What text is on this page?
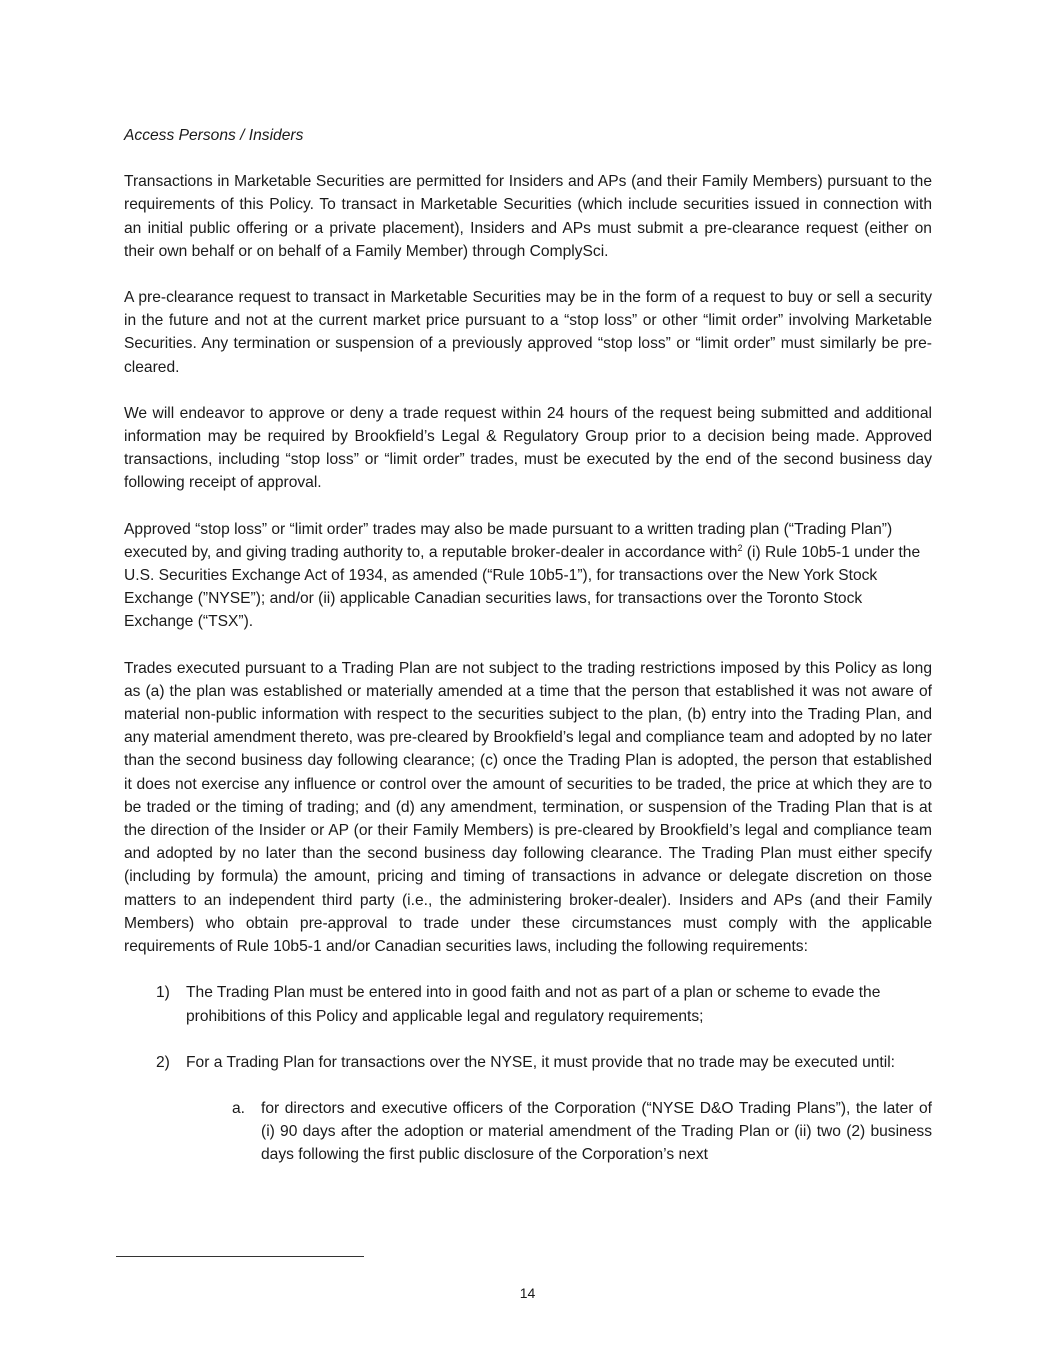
Access Persons / Insiders

Transactions in Marketable Securities are permitted for Insiders and APs (and their Family Members) pursuant to the requirements of this Policy. To transact in Marketable Securities (which include securities issued in connection with an initial public offering or a private placement), Insiders and APs must submit a pre-clearance request (either on their own behalf or on behalf of a Family Member) through ComplySci.

A pre-clearance request to transact in Marketable Securities may be in the form of a request to buy or sell a security in the future and not at the current market price pursuant to a “stop loss” or other “limit order” involving Marketable Securities. Any termination or suspension of a previously approved “stop loss” or “limit order” must similarly be pre-cleared.

We will endeavor to approve or deny a trade request within 24 hours of the request being submitted and additional information may be required by Brookfield’s Legal & Regulatory Group prior to a decision being made. Approved transactions, including “stop loss” or “limit order” trades, must be executed by the end of the second business day following receipt of approval.

Approved “stop loss” or “limit order” trades may also be made pursuant to a written trading plan (“Trading Plan”) executed by, and giving trading authority to, a reputable broker-dealer in accordance with$^2$ (i) Rule 10b5-1 under the U.S. Securities Exchange Act of 1934, as amended (“Rule 10b5-1”), for transactions over the New York Stock Exchange (”NYSE”); and/or (ii) applicable Canadian securities laws, for transactions over the Toronto Stock Exchange (“TSX”).

Trades executed pursuant to a Trading Plan are not subject to the trading restrictions imposed by this Policy as long as (a) the plan was established or materially amended at a time that the person that established it was not aware of material non-public information with respect to the securities subject to the plan, (b) entry into the Trading Plan, and any material amendment thereto, was pre-cleared by Brookfield’s legal and compliance team and adopted by no later than the second business day following clearance; (c) once the Trading Plan is adopted, the person that established it does not exercise any influence or control over the amount of securities to be traded, the price at which they are to be traded or the timing of trading; and (d) any amendment, termination, or suspension of the Trading Plan that is at the direction of the Insider or AP (or their Family Members) is pre-cleared by Brookfield’s legal and compliance team and adopted by no later than the second business day following clearance. The Trading Plan must either specify (including by formula) the amount, pricing and timing of transactions in advance or delegate discretion on those matters to an independent third party (i.e., the administering broker-dealer). Insiders and APs (and their Family Members) who obtain pre-approval to trade under these circumstances must comply with the applicable requirements of Rule 10b5-1 and/or Canadian securities laws, including the following requirements:

1) The Trading Plan must be entered into in good faith and not as part of a plan or scheme to evade the prohibitions of this Policy and applicable legal and regulatory requirements;
2) For a Trading Plan for transactions over the NYSE, it must provide that no trade may be executed until:
a. for directors and executive officers of the Corporation (“NYSE D&O Trading Plans”), the later of (i) 90 days after the adoption or material amendment of the Trading Plan or (ii) two (2) business days following the first public disclosure of the Corporation’s next
14
